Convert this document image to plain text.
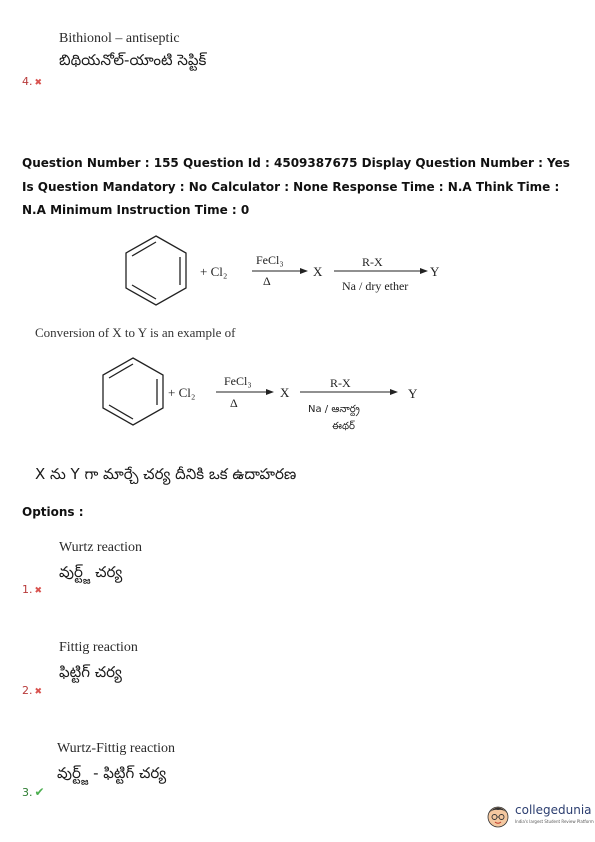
Bithionol – antiseptic
బిథియనోల్-యాంటి సెప్టిక్
4. ✖
Question Number : 155 Question Id : 4509387675 Display Question Number : Yes Is Question Mandatory : No Calculator : None Response Time : N.A Think Time : N.A Minimum Instruction Time : 0
+ Cl₂
FeCl₃
Δ
X
R-X
Na / dry ether
Y
Conversion of X to Y is an example of
+ Cl₂
FeCl₃
Δ
X
R-X
Y
Na / ఆనార్ద్ర
ఈథర్
X ను Y గా మార్చే చర్య దీనికి ఒక ఉదాహరణ
Options :
Wurtz reaction
వుర్ట్జ్ చర్య
1. ✖
Fittig reaction
ఫిట్టిగ్ చర్య
2. ✖
Wurtz-Fittig reaction
వుర్ట్జ్ - ఫిట్టిగ్ చర్య
3. ✔
collegedunia
India's largest Student Review Platform
